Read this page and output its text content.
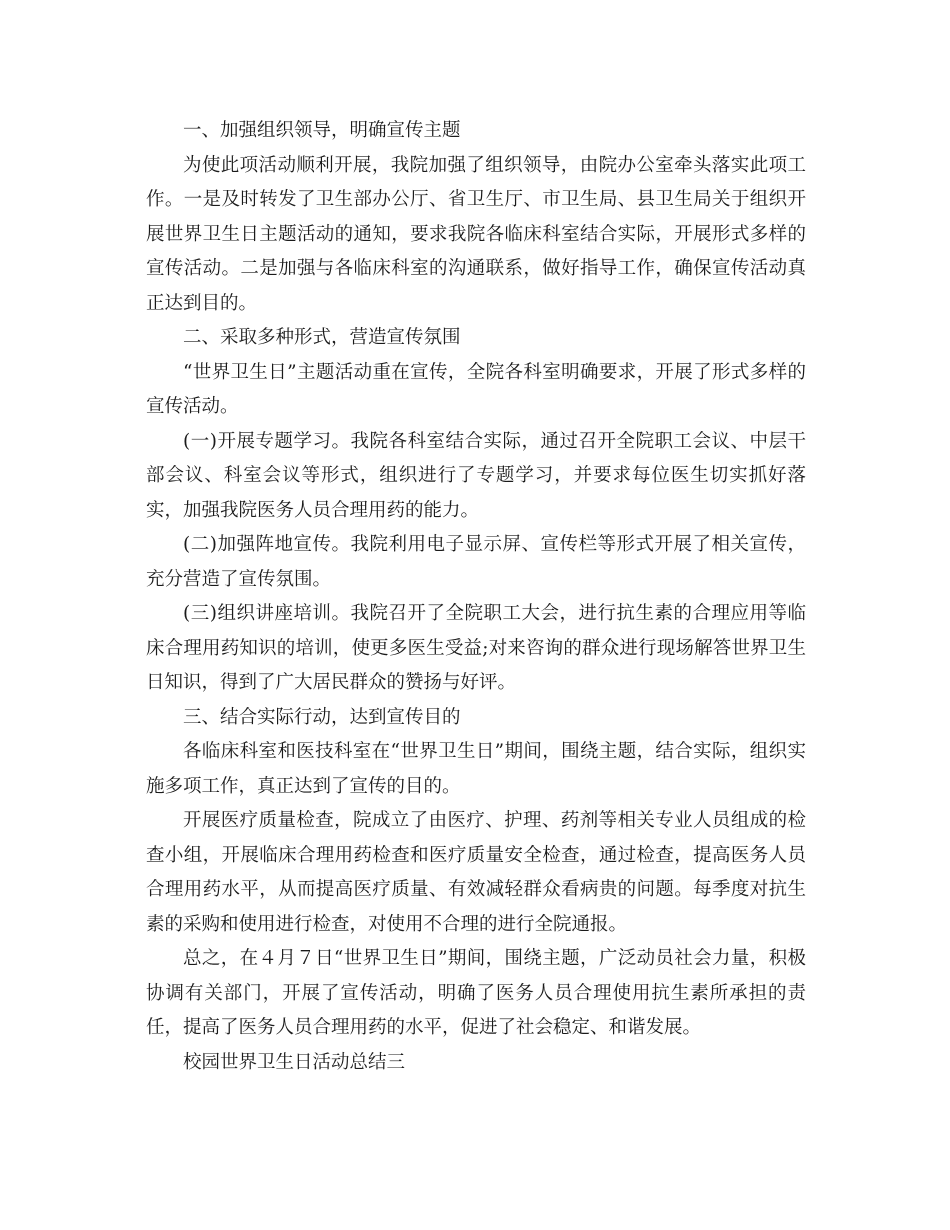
一、加强组织领导，明确宣传主题

为使此项活动顺利开展，我院加强了组织领导，由院办公室牵头落实此项工作。一是及时转发了卫生部办公厅、省卫生厅、市卫生局、县卫生局关于组织开展世界卫生日主题活动的通知，要求我院各临床科室结合实际，开展形式多样的宣传活动。二是加强与各临床科室的沟通联系，做好指导工作，确保宣传活动真正达到目的。

二、采取多种形式，营造宣传氛围

“世界卫生日”主题活动重在宣传，全院各科室明确要求，开展了形式多样的宣传活动。

(一)开展专题学习。我院各科室结合实际，通过召开全院职工会议、中层干部会议、科室会议等形式，组织进行了专题学习，并要求每位医生切实抓好落实，加强我院医务人员合理用药的能力。

(二)加强阵地宣传。我院利用电子显示屏、宣传栏等形式开展了相关宣传，充分营造了宣传氛围。

(三)组织讲座培训。我院召开了全院职工大会，进行抗生素的合理应用等临床合理用药知识的培训，使更多医生受益;对来咨询的群众进行现场解答世界卫生日知识，得到了广大居民群众的赞扬与好评。

三、结合实际行动，达到宣传目的

各临床科室和医技科室在“世界卫生日”期间，围绕主题，结合实际，组织实施多项工作，真正达到了宣传的目的。

开展医疗质量检查，院成立了由医疗、护理、药剂等相关专业人员组成的检查小组，开展临床合理用药检查和医疗质量安全检查，通过检查，提高医务人员合理用药水平，从而提高医疗质量、有效减轻群众看病贵的问题。每季度对抗生素的采购和使用进行检查，对使用不合理的进行全院通报。

总之，在４月７日“世界卫生日”期间，围绕主题，广泛动员社会力量，积极协调有关部门，开展了宣传活动，明确了医务人员合理使用抗生素所承担的责任，提高了医务人员合理用药的水平，促进了社会稳定、和谐发展。

校园世界卫生日活动总结三
